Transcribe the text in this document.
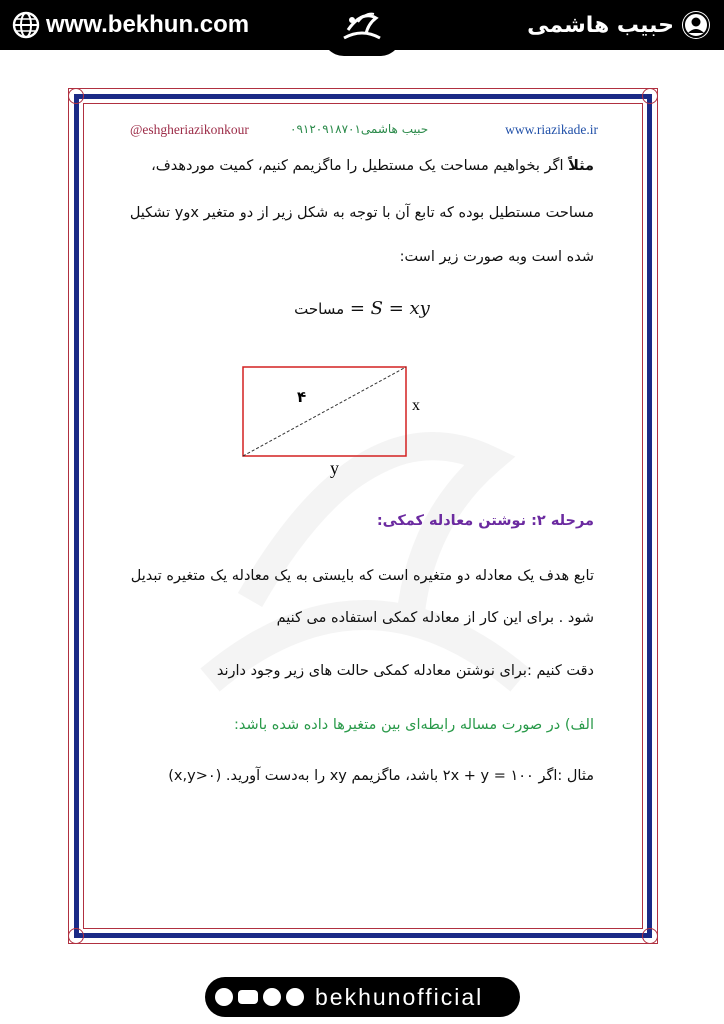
www.bekhun.com	حبیب هاشمی
@eshgheriazikonkour	حبیب هاشمی۰۹۱۲۰۹۱۸۷۰۱	www.riazikade.ir
مثلاً اگر بخواهیم مساحت یک مستطیل را ماگزیمم کنیم، کمیت موردهدف،
مساحت مستطیل بوده که تابع آن با توجه به شکل زیر از دو متغیر xوy تشکیل
شده است وبه صورت زیر است:
مساحت = S = xy
۴	x
y
مرحله ۲: نوشتن معادله کمکی:
تابع هدف یک معادله دو متغیره است که بایستی به یک معادله یک متغیره تبدیل
شود . برای این کار از معادله کمکی استفاده می کنیم
دقت کنیم :برای نوشتن معادله کمکی حالت های زیر وجود دارند
الف) در صورت مساله رابطه‌ای بین متغیرها داده شده باشد:
مثال :اگر ۱۰۰ = ۲x + y باشد، ماگزیمم xy را به‌دست آورید. (x,y>۰)
bekhunofficial
